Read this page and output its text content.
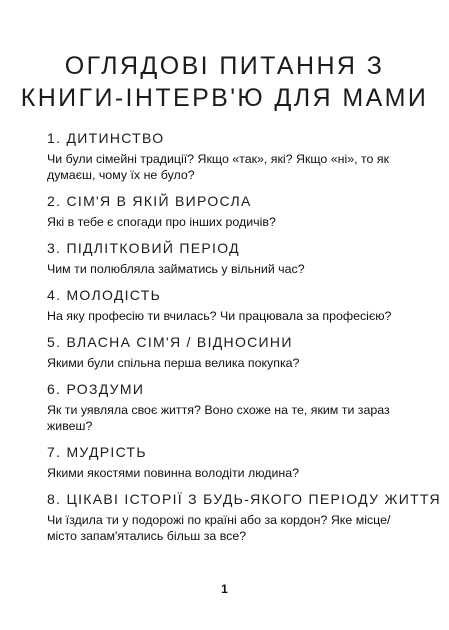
ОГЛЯДОВІ ПИТАННЯ З
КНИГИ-ІНТЕРВ'Ю ДЛЯ МАМИ
1. ДИТИНСТВО

Чи були сімейні традиції? Якщо «так», які? Якщо «ні», то як думаєш, чому їх не було?

2. СІМ'Я В ЯКІЙ ВИРОСЛА

Які в тебе є спогади про інших родичів?

3. ПІДЛІТКОВИЙ ПЕРІОД

Чим ти полюбляла займатись у вільний час?

4. МОЛОДІСТЬ

На яку професію ти вчилась? Чи працювала за професією?

5. ВЛАСНА СІМ'Я / ВІДНОСИНИ

Якими були спільна перша велика покупка?

6. РОЗДУМИ

Як ти уявляла своє життя? Воно схоже на те, яким ти зараз живеш?

7. МУДРІСТЬ

Якими якостями повинна володіти людина?

8. ЦІКАВІ ІСТОРІЇ З БУДЬ-ЯКОГО ПЕРІОДУ ЖИТТЯ

Чи їздила ти у подорожі по країні або за кордон? Яке місце/місто запам'ятались більш за все?

1
